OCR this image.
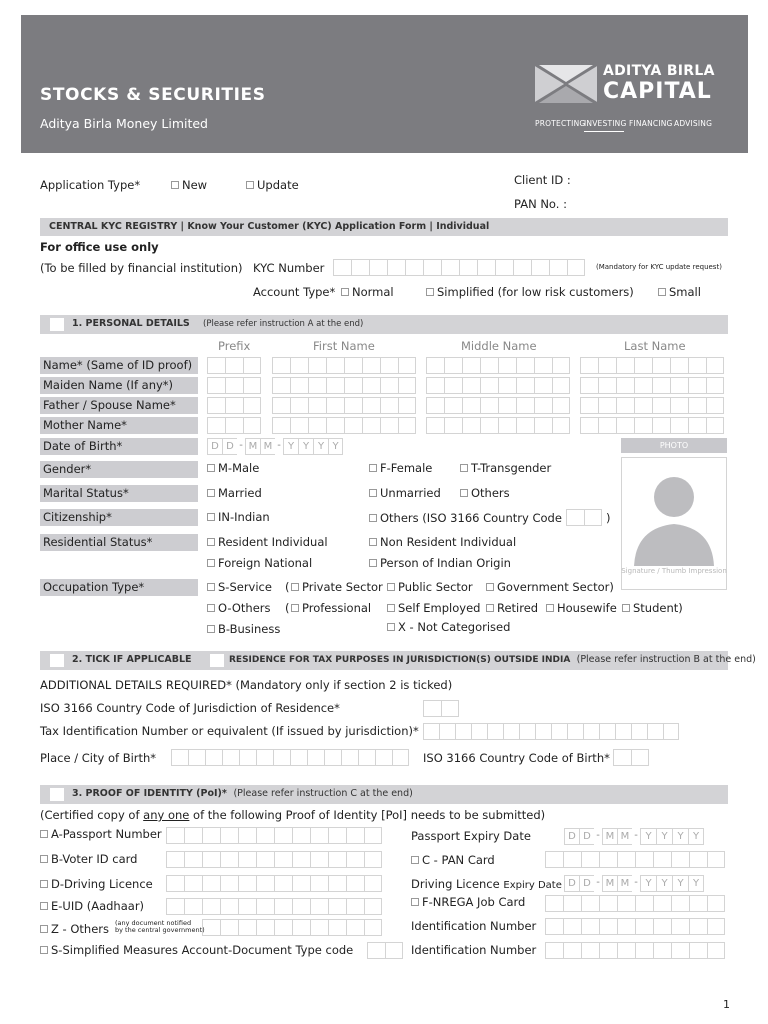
STOCKS & SECURITIES
Aditya Birla Money Limited
ADITYA BIRLA
CAPITAL
PROTECTING
INVESTING FINANCING ADVISING
Application Type*	New	Update	Client ID :
PAN No. :
CENTRAL KYC REGISTRY | Know Your Customer (KYC) Application Form | Individual
For office use only
(To be filled by financial institution) KYC Number	(Mandatory for KYC update request)
Account Type*	Normal	Simplified (for low risk customers)	Small
1. PERSONAL DETAILS (Please refer instruction A at the end)
Prefix	First Name	Middle Name	Last Name
Name* (Same of ID proof)
Maiden Name (If any*)
Father / Spouse Name*
Mother Name*
Date of Birth*	D D - M M - Y Y Y Y	PHOTO
Signature / Thumb Impression
Gender*	M-Male	F-Female	T-Transgender
Marital Status*	Married	Unmarried	Others
Citizenship*	IN-Indian	Others (ISO 3166 Country Code	)
Residential Status*	Resident Individual	Non Resident Individual
Foreign National	Person of Indian Origin
Occupation Type*	S-Service (	Private Sector	Public Sector	Government Sector)
O-Others (	Professional	Self Employed	Retired	Housewife	Student)
B-Business	X - Not Categorised
2. TICK IF APPLICABLE	RESIDENCE FOR TAX PURPOSES IN JURISDICTION(S) OUTSIDE INDIA (Please refer instruction B at the end)
ADDITIONAL DETAILS REQUIRED* (Mandatory only if section 2 is ticked)
ISO 3166 Country Code of Jurisdiction of Residence*
Tax Identification Number or equivalent (If issued by jurisdiction)*
Place / City of Birth*	ISO 3166 Country Code of Birth*
3. PROOF OF IDENTITY (PoI)* (Please refer instruction C at the end)
(Certified copy of any one of the following Proof of Identity [PoI] needs to be submitted)
A-Passport Number	Passport Expiry Date	D D - M M - Y Y Y Y
B-Voter ID card	C - PAN Card
D-Driving Licence	Driving Licence Expiry Date D D - M M - Y Y Y Y
E-UID (Aadhaar)	F-NREGA Job Card
Z - Others (any document notified
by the central government)	Identification Number
S-Simplified Measures Account-Document Type code	Identification Number
1
